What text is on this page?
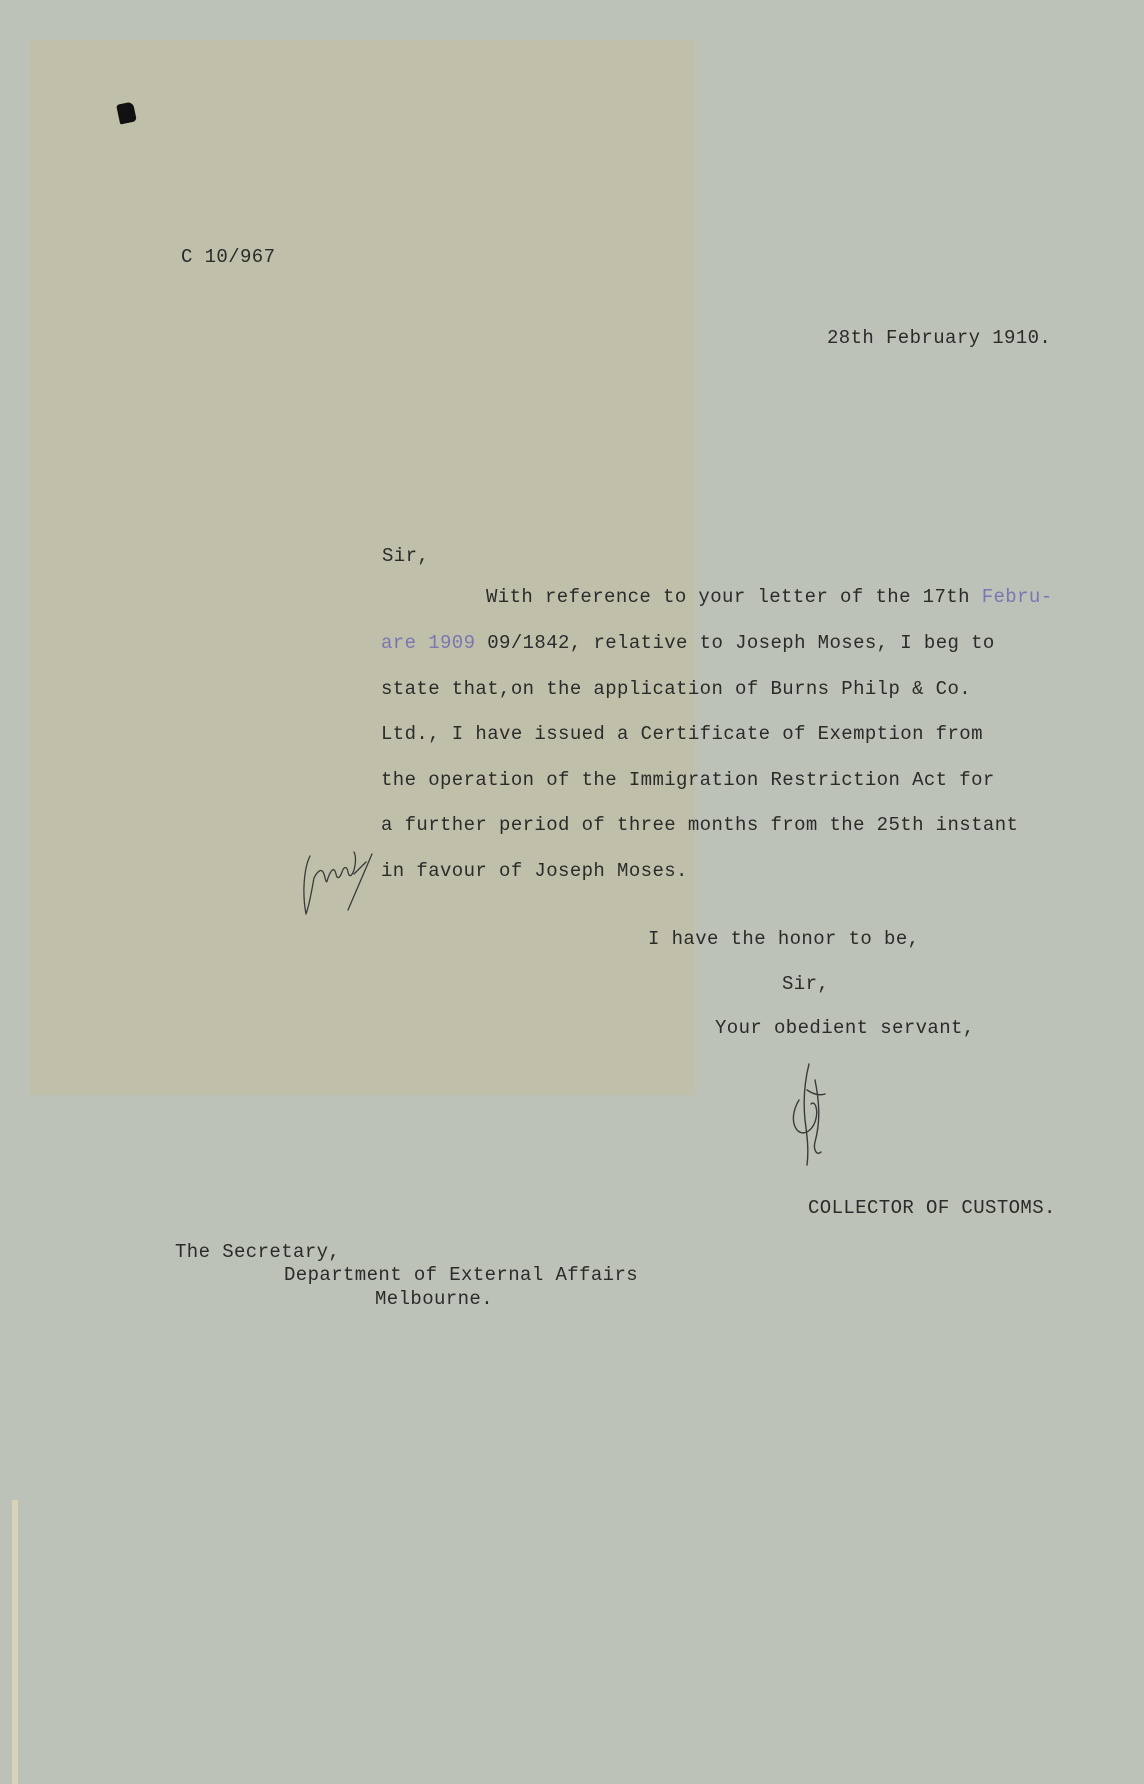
C 10/967
28th February 1910.
Sir,
With reference to your letter of the 17th Febru-
are 1909 09/1842, relative to Joseph Moses, I beg to
state that,on the application of Burns Philp & Co.
Ltd., I have issued a Certificate of Exemption from
the operation of the Immigration Restriction Act for
a further period of three months from the 25th instant
in favour of Joseph Moses.
I have the honor to be,
Sir,
Your obedient servant,
COLLECTOR OF CUSTOMS.
The Secretary,
Department of External Affairs
Melbourne.
